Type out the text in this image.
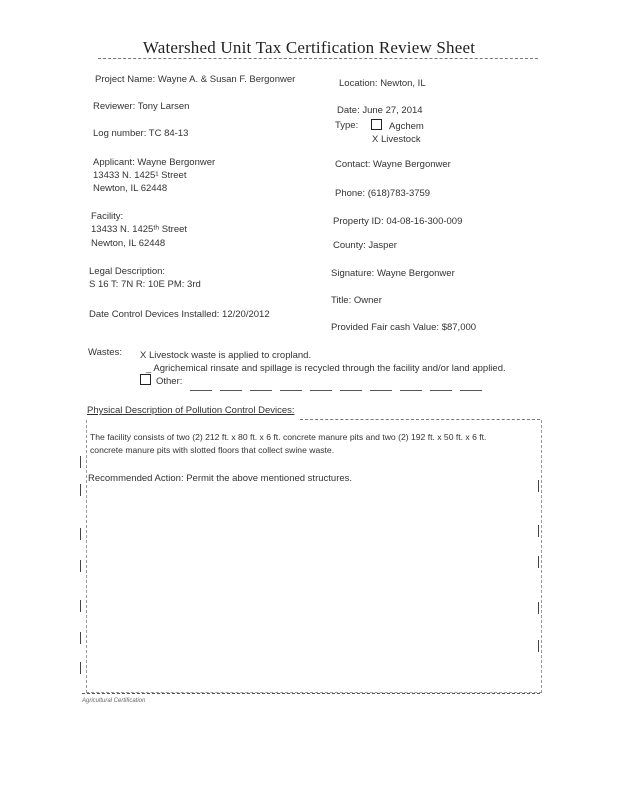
Watershed Unit Tax Certification Review Sheet
Project Name: Wayne A. & Susan F. Bergonwer
Reviewer: Tony Larsen
Log number: TC 84-13
Applicant: Wayne Bergonwer
13433 N. 1425¹ Street
Newton, IL 62448
Facility:
13433 N. 1425ᵗʰ Street
Newton, IL 62448
Legal Description:
S 16 T: 7N R: 10E PM: 3rd
Date Control Devices Installed: 12/20/2012
Location: Newton, IL
Date: June 27, 2014
Type:	Agchem
X Livestock
Contact: Wayne Bergonwer
Phone: (618)783-3759
Property ID: 04-08-16-300-009
County: Jasper
Signature: Wayne Bergonwer
Title: Owner
Provided Fair cash Value: $87,000
Wastes: X Livestock waste is applied to cropland.
_ Agrichemical rinsate and spillage is recycled through the facility and/or land applied.
Other:
Physical Description of Pollution Control Devices:
The facility consists of two (2) 212 ft. x 80 ft. x 6 ft. concrete manure pits and two (2) 192 ft. x 50 ft. x 6 ft.
concrete manure pits with slotted floors that collect swine waste.
Recommended Action: Permit the above mentioned structures.
Agricultural Certification
